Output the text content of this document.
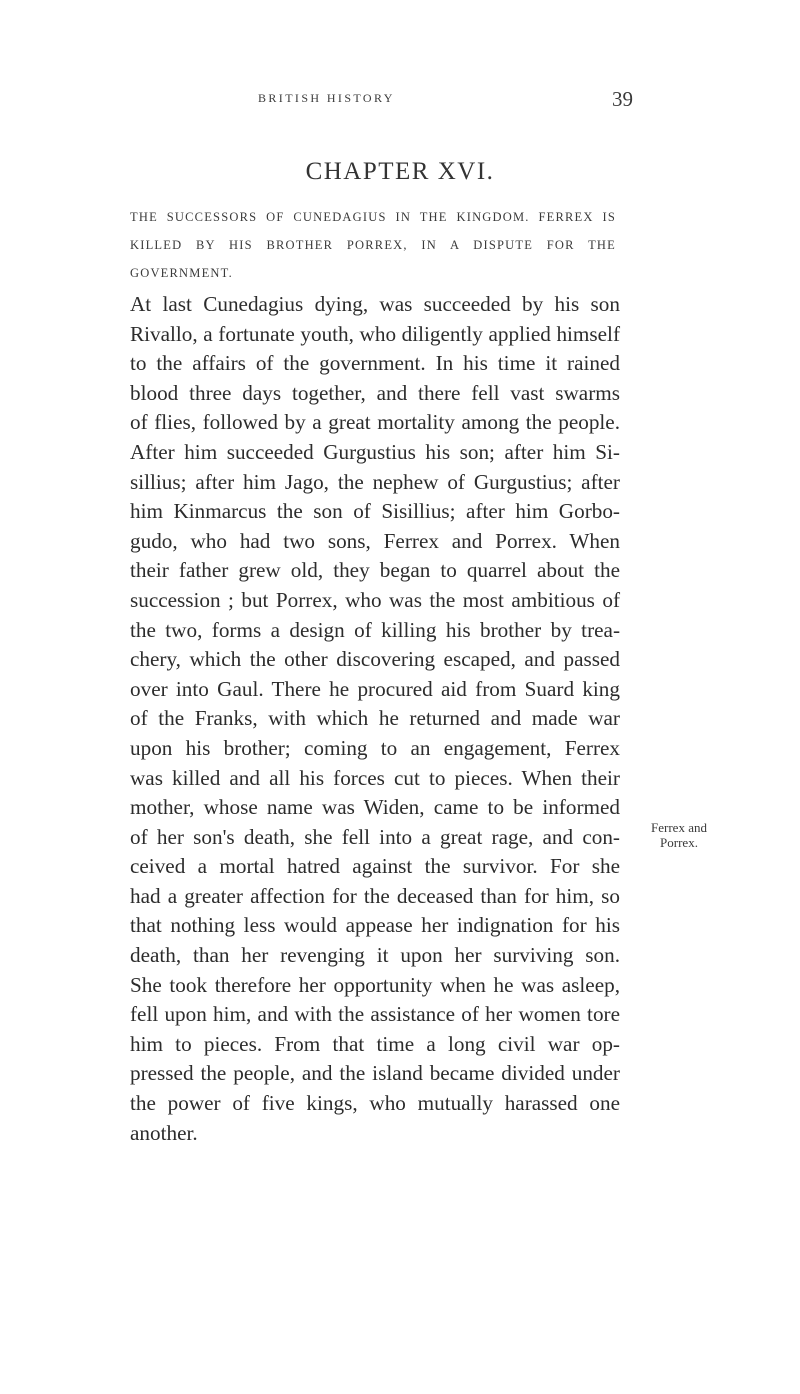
BRITISH HISTORY	39
CHAPTER XVI.
THE SUCCESSORS OF CUNEDAGIUS IN THE KINGDOM. FERREX IS KILLED BY HIS BROTHER PORREX, IN A DISPUTE FOR THE GOVERNMENT.
At last Cunedagius dying, was succeeded by his son
Rivallo, a fortunate youth, who diligently applied himself
to the affairs of the government. In his time it rained
blood three days together, and there fell vast swarms
of flies, followed by a great mortality among the people.
After him succeeded Gurgustius his son; after him Si-
sillius; after him Jago, the nephew of Gurgustius; after
him Kinmarcus the son of Sisillius; after him Gorbo-
gudo, who had two sons, Ferrex and Porrex. When
their father grew old, they began to quarrel about the
succession ; but Porrex, who was the most ambitious of
the two, forms a design of killing his brother by trea-
chery, which the other discovering escaped, and passed
over into Gaul. There he procured aid from Suard king
of the Franks, with which he returned and made war
upon his brother; coming to an engagement, Ferrex
was killed and all his forces cut to pieces. When their
mother, whose name was Widen, came to be informed
of her son's death, she fell into a great rage, and con-
ceived a mortal hatred against the survivor. For she
had a greater affection for the deceased than for him, so
that nothing less would appease her indignation for his
death, than her revenging it upon her surviving son.
She took therefore her opportunity when he was asleep,
fell upon him, and with the assistance of her women tore
him to pieces. From that time a long civil war op-
pressed the people, and the island became divided under
the power of five kings, who mutually harassed one
another.
Ferrex and
Porrex.
